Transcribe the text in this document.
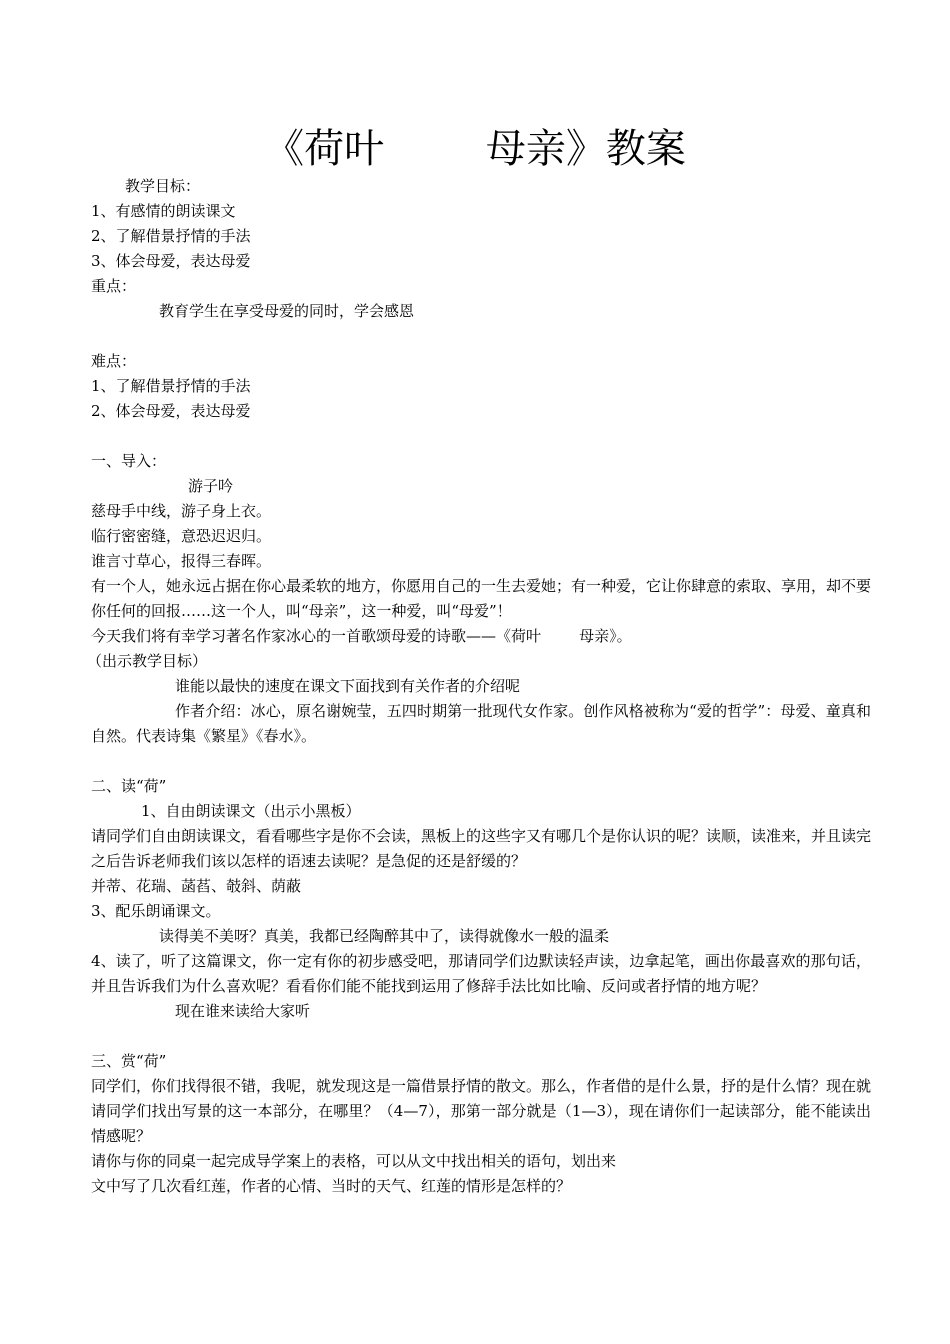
《荷叶        母亲》教案

教学目标：

1、有感情的朗读课文

2、了解借景抒情的手法

3、体会母爱，表达母爱

重点：

教育学生在享受母爱的同时，学会感恩

难点：

1、了解借景抒情的手法

2、体会母爱，表达母爱

一、导入：

游子吟

慈母手中线，游子身上衣。

临行密密缝，意恐迟迟归。

谁言寸草心，报得三春晖。

有一个人，她永远占据在你心最柔软的地方，你愿用自己的一生去爱她；有一种爱，它让你肆意的索取、享用，却不要你任何的回报……这一个人，叫“母亲”，这一种爱，叫“母爱”！

今天我们将有幸学习著名作家冰心的一首歌颂母爱的诗歌——《荷叶        母亲》。

（出示教学目标）

谁能以最快的速度在课文下面找到有关作者的介绍呢

作者介绍：冰心，原名谢婉莹，五四时期第一批现代女作家。创作风格被称为“爱的哲学”：母爱、童真和自然。代表诗集《繁星》《春水》。

二、读“荷”

1、自由朗读课文（出示小黑板）

请同学们自由朗读课文，看看哪些字是你不会读，黑板上的这些字又有哪几个是你认识的呢？读顺，读准来，并且读完之后告诉老师我们该以怎样的语速去读呢？是急促的还是舒缓的？

并蒂、花瑞、菡萏、攲斜、荫蔽

3、配乐朗诵课文。

读得美不美呀？真美，我都已经陶醉其中了，读得就像水一般的温柔

4、读了，听了这篇课文，你一定有你的初步感受吧，那请同学们边默读轻声读，边拿起笔，画出你最喜欢的那句话，并且告诉我们为什么喜欢呢？看看你们能不能找到运用了修辞手法比如比喻、反问或者抒情的地方呢？

现在谁来读给大家听

三、赏“荷”

同学们，你们找得很不错，我呢，就发现这是一篇借景抒情的散文。那么，作者借的是什么景，抒的是什么情？现在就请同学们找出写景的这一本部分，在哪里？（4—7），那第一部分就是（1—3），现在请你们一起读部分，能不能读出情感呢？

请你与你的同桌一起完成导学案上的表格，可以从文中找出相关的语句，划出来

文中写了几次看红莲，作者的心情、当时的天气、红莲的情形是怎样的？
